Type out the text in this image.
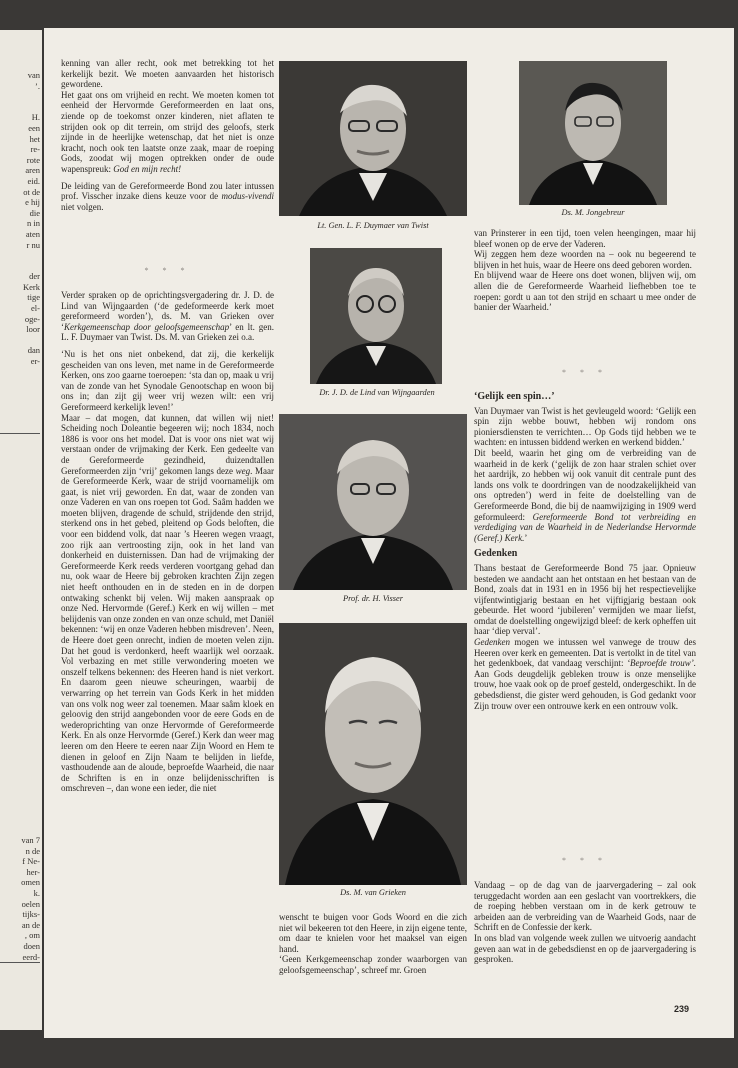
van
’.

H.
een
het
re-
rote
aren
eid.
ot de
e hij
die
n in
aten
r nu

der
Kerk
tige
el-
oge-
loor

dan
er-
van 7
n de
f Ne-
her-
omen
k.
oelen
tijks-
an de
, om
doen
eerd-

kenning van aller recht, ook met betrekking tot het kerkelijk bezit. We moeten aanvaarden het historisch gewordene.

Het gaat ons om vrijheid en recht. We moeten komen tot eenheid der Hervormde Gereformeerden en laat ons, ziende op de toekomst onzer kinderen, niet aflaten te strijden ook op dit terrein, om strijd des geloofs, sterk zijnde in de heerlijke wetenschap, dat het niet is onze kracht, noch ook ten laatste onze zaak, maar de roeping Gods, zoodat wij mogen optrekken onder de oude wapenspreuk: God en mijn recht!

De leiding van de Gereformeerde Bond zou later intussen prof. Visscher inzake diens keuze voor de modus-vivendi niet volgen.

* * *

Verder spraken op de oprichtingsvergadering dr. J. D. de Lind van Wijngaarden (‘de gedeformeerde kerk moet gereformeerd worden’), ds. M. van Grieken over ‘Kerkgemeenschap door geloofsgemeenschap’ en lt. gen. L. F. Duymaer van Twist. Ds. M. van Grieken zei o.a.

‘Nu is het ons niet onbekend, dat zij, die kerkelijk gescheiden van ons leven, met name in de Gereformeerde Kerken, ons zoo gaarne toeroepen: ‘sta dan op, maak u vrij van de zonde van het Synodale Genootschap en woon bij ons in; dan zijt gij weer vrij wezen wilt: een vrij Gereformeerd kerkelijk leven!’

Maar – dat mogen, dat kunnen, dat willen wij niet! Scheiding noch Doleantie begeeren wij; noch 1834, noch 1886 is voor ons het model. Dat is voor ons niet wat wij verstaan onder de vrijmaking der Kerk. Een gedeelte van de Gereformeerde gezindheid, duizendtallen Gereformeerden zijn ‘vrij’ gekomen langs deze weg. Maar de Gereformeerde Kerk, waar de strijd voornamelijk om gaat, is niet vrij geworden. En dat, waar de zonden van onze Vaderen en van ons roepen tot God. Saâm hadden we moeten blijven, dragende de schuld, strijdende den strijd, sterkend ons in het gebed, pleitend op Gods beloften, die voor een biddend volk, dat naar ’s Heeren wegen vraagt, zoo rijk aan vertroosting zijn, ook in het land van donkerheid en duisternissen. Dan had de vrijmaking der Gereformeerde Kerk reeds verderen voortgang gehad dan nu, ook waar de Heere bij gebroken krachten Zijn zegen niet heeft onthouden en in de steden en in de dorpen ontwaking schenkt bij velen. Wij maken aanspraak op onze Ned. Hervormde (Geref.) Kerk en wij willen – met belijdenis van onze zonden en van onze schuld, met Daniël bekennen: ‘wij en onze Vaderen hebben misdreven’. Neen, de Heere doet geen onrecht, indien de moeten velen zijn. Dat het goud is verdonkerd, heeft waarlijk wel oorzaak. Vol verbazing en met stille verwondering moeten we onszelf telkens bekennen: des Heeren hand is niet verkort. En daarom geen nieuwe scheuringen, waarbij de verwarring op het terrein van Gods Kerk in het midden van ons volk nog weer zal toenemen. Maar saâm kloek en geloovig den strijd aangebonden voor de eere Gods en de wederoprichting van onze Hervormde of Gereformeerde Kerk. En als onze Hervormde (Geref.) Kerk dan weer mag leeren om den Heere te eeren naar Zijn Woord en Hem te dienen in geloof en Zijn Naam te belijden in liefde, vasthoudende aan de aloude, beproefde Waarheid, die naar de Schriften is en in onze belijdenisschriften is omschreven –, dan wone een ieder, die niet

Lt. Gen. L. F. Duymaer van Twist
Ds. M. Jongebreur
Dr. J. D. de Lind van Wijngaarden
Prof. dr. H. Visser
Ds. M. van Grieken

wenscht te buigen voor Gods Woord en die zich niet wil bekeeren tot den Heere, in zijn eigene tente, om daar te knielen voor het maaksel van eigen hand.

‘Geen Kerkgemeenschap zonder waarborgen van geloofsgemeenschap’, schreef mr. Groen

van Prinsterer in een tijd, toen velen heengingen, maar hij bleef wonen op de erve der Vaderen.

Wij zeggen hem deze woorden na – ook nu begeerend te blijven in het huis, waar de Heere ons deed geboren worden.

En blijvend waar de Heere ons doet wonen, blijven wij, om allen die de Gereformeerde Waarheid liefhebben toe te roepen: gordt u aan tot den strijd en schaart u mee onder de banier der Waarheid.’

* * *
‘Gelijk een spin…’

Van Duymaer van Twist is het gevleugeld woord: ‘Gelijk een spin zijn webbe bouwt, hebben wij rondom ons pioniersdiensten te verrichten… Op Gods tijd hebben we te wachten: en intussen biddend werken en werkend bidden.’

Dit beeld, waarin het ging om de verbreiding van de waarheid in de kerk (‘gelijk de zon haar stralen schiet over het aardrijk, zo hebben wij ook vanuit dit centrale punt des lands ons volk te doordringen van de noodzakelijkheid van ons optreden’) werd in feite de doelstelling van de Gereformeerde Bond, die bij de naamwijziging in 1909 werd geformuleerd: Gereformeerde Bond tot verbreiding en verdediging van de Waarheid in de Nederlandse Hervormde (Geref.) Kerk.’

Gedenken

Thans bestaat de Gereformeerde Bond 75 jaar. Opnieuw besteden we aandacht aan het ontstaan en het bestaan van de Bond, zoals dat in 1931 en in 1956 bij het respectievelijke vijfentwintigjarig bestaan en het vijftigjarig bestaan ook gebeurde. Het woord ‘jubileren’ vermijden we maar liefst, omdat de doelstelling ongewijzigd bleef: de kerk opheffen uit haar ‘diep verval’.

Gedenken mogen we intussen wel vanwege de trouw des Heeren over kerk en gemeenten. Dat is vertolkt in de titel van het gedenkboek, dat vandaag verschijnt: ‘Beproefde trouw’. Aan Gods deugdelijk gebleken trouw is onze menselijke trouw, hoe vaak ook op de proef gesteld, ondergeschikt. In de gebedsdienst, die gister werd gehouden, is God gedankt voor Zijn trouw over een ontrouwe kerk en een ontrouw volk.

* * *

Vandaag – op de dag van de jaarvergadering – zal ook teruggedacht worden aan een geslacht van voortrekkers, die de roeping hebben verstaan om in de kerk getrouw te arbeiden aan de verbreiding van de Waarheid Gods, naar de Schrift en de Confessie der kerk.

In ons blad van volgende week zullen we uitvoerig aandacht geven aan wat in de gebedsdienst en op de jaarvergadering is gesproken.

239
